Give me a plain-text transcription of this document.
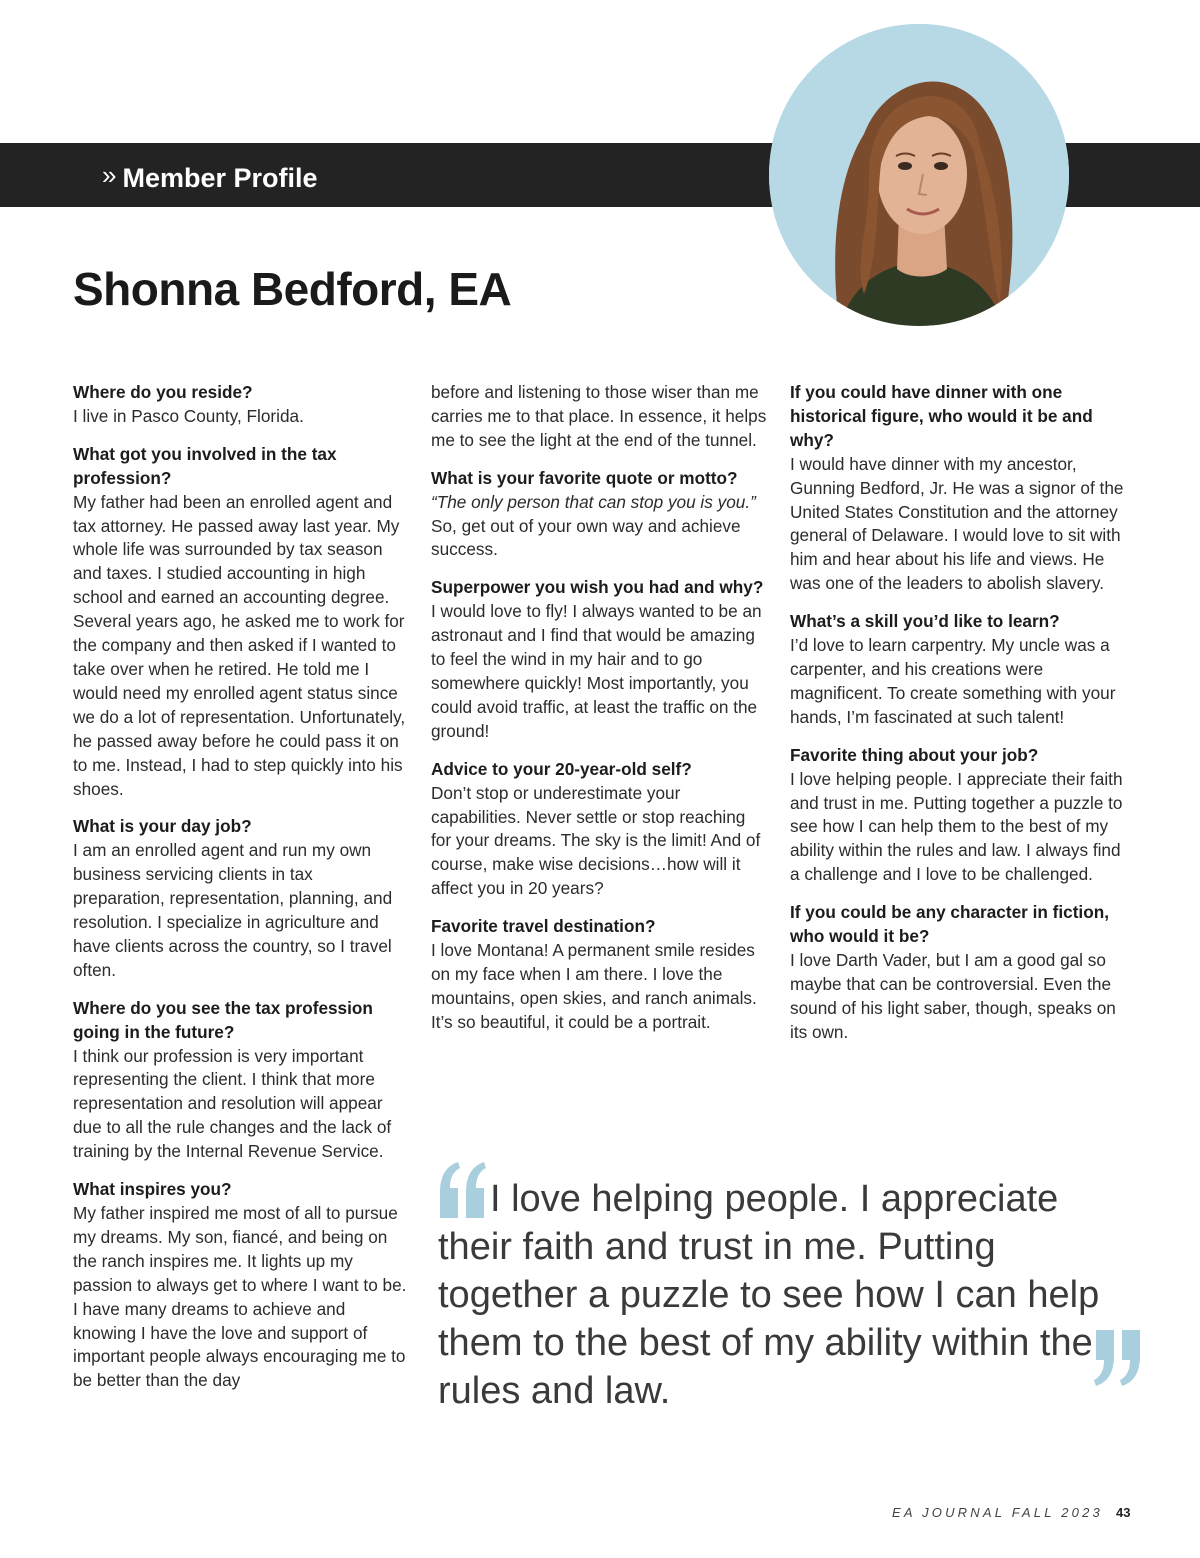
» Member Profile
Shonna Bedford, EA
Where do you reside?

I live in Pasco County, Florida.

What got you involved in the tax profession?

My father had been an enrolled agent and tax attorney. He passed away last year. My whole life was surrounded by tax season and taxes. I studied accounting in high school and earned an accounting degree. Several years ago, he asked me to work for the company and then asked if I wanted to take over when he retired. He told me I would need my enrolled agent status since we do a lot of representation. Unfortunately, he passed away before he could pass it on to me. Instead, I had to step quickly into his shoes.

What is your day job?

I am an enrolled agent and run my own business servicing clients in tax preparation, representation, planning, and resolution. I specialize in agriculture and have clients across the country, so I travel often.

Where do you see the tax profession going in the future?

I think our profession is very important representing the client. I think that more representation and resolution will appear due to all the rule changes and the lack of training by the Internal Revenue Service.

What inspires you?

My father inspired me most of all to pursue my dreams. My son, fiancé, and being on the ranch inspires me. It lights up my passion to always get to where I want to be. I have many dreams to achieve and knowing I have the love and support of important people always encouraging me to be better than the day

before and listening to those wiser than me carries me to that place. In essence, it helps me to see the light at the end of the tunnel.

What is your favorite quote or motto?

“The only person that can stop you is you.” So, get out of your own way and achieve success.

Superpower you wish you had and why?

I would love to fly! I always wanted to be an astronaut and I find that would be amazing to feel the wind in my hair and to go somewhere quickly! Most importantly, you could avoid traffic, at least the traffic on the ground!

Advice to your 20-year-old self?

Don’t stop or underestimate your capabilities. Never settle or stop reaching for your dreams. The sky is the limit! And of course, make wise decisions…how will it affect you in 20 years?

Favorite travel destination?

I love Montana! A permanent smile resides on my face when I am there. I love the mountains, open skies, and ranch animals. It’s so beautiful, it could be a portrait.

If you could have dinner with one historical figure, who would it be and why?

I would have dinner with my ancestor, Gunning Bedford, Jr. He was a signor of the United States Constitution and the attorney general of Delaware. I would love to sit with him and hear about his life and views. He was one of the leaders to abolish slavery.

What’s a skill you’d like to learn?

I’d love to learn carpentry. My uncle was a carpenter, and his creations were magnificent. To create something with your hands, I’m fascinated at such talent!

Favorite thing about your job?

I love helping people. I appreciate their faith and trust in me. Putting together a puzzle to see how I can help them to the best of my ability within the rules and law. I always find a challenge and I love to be challenged.

If you could be any character in fiction, who would it be?

I love Darth Vader, but I am a good gal so maybe that can be controversial. Even the sound of his light saber, though, speaks on its own.

I love helping people. I appreciate their faith and trust in me. Putting together a puzzle to see how I can help them to the best of my ability within the rules and law.
EA JOURNAL FALL 2023 43
